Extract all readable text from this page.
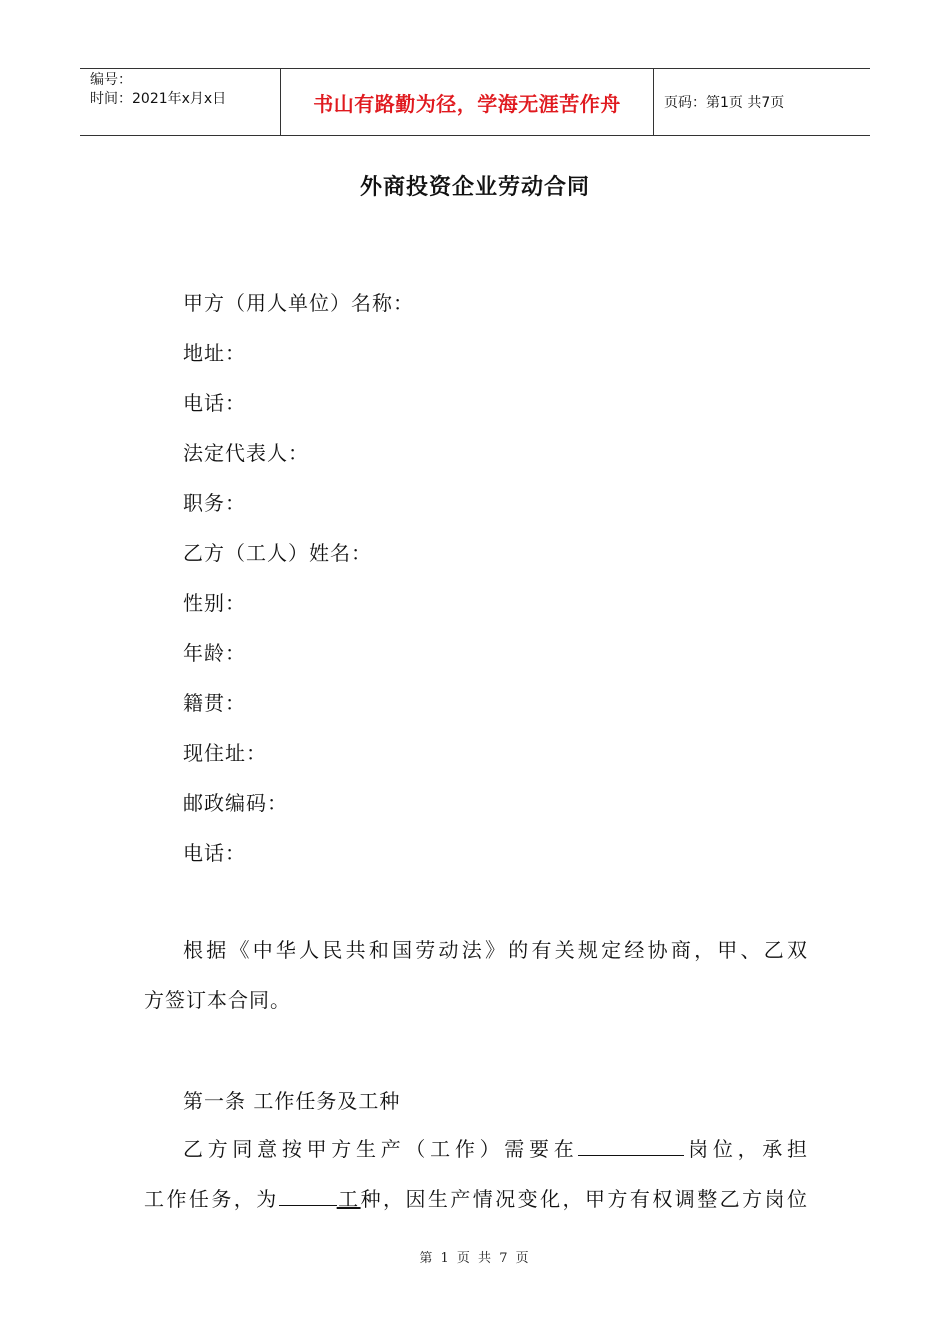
编号：
时间：2021年x月x日	书山有路勤为径，学海无涯苦作舟	页码：第1页 共7页
外商投资企业劳动合同
甲方（用人单位）名称：
地址：
电话：
法定代表人：
职务：
乙方（工人）姓名：
性别：
年龄：
籍贯：
现住址：
邮政编码：
电话：
根据《中华人民共和国劳动法》的有关规定经协商，甲、乙双
方签订本合同。
第一条 工作任务及工种
乙方同意按甲方生产（工作）需要在	岗位，承担
工作任务，为	工种，因生产情况变化，甲方有权调整乙方岗位
第 1 页 共 7 页
